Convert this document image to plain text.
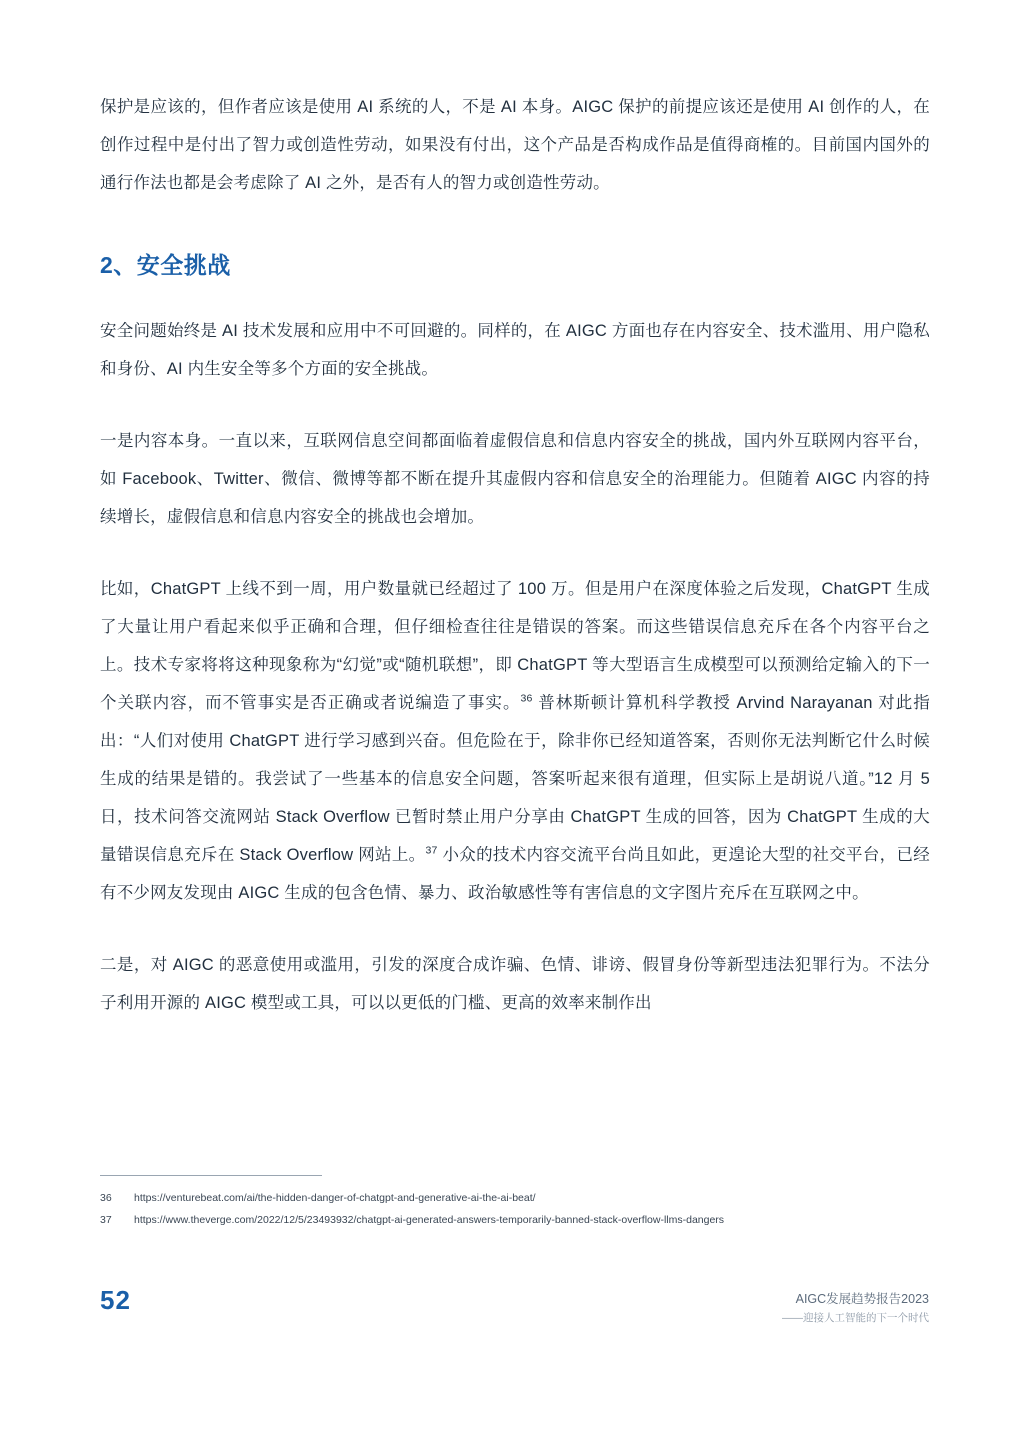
保护是应该的，但作者应该是使用 AI 系统的人，不是 AI 本身。AIGC 保护的前提应该还是使用 AI 创作的人，在创作过程中是付出了智力或创造性劳动，如果没有付出，这个产品是否构成作品是值得商榷的。目前国内国外的通行作法也都是会考虑除了 AI 之外，是否有人的智力或创造性劳动。

2、安全挑战

安全问题始终是 AI 技术发展和应用中不可回避的。同样的，在 AIGC 方面也存在内容安全、技术滥用、用户隐私和身份、AI 内生安全等多个方面的安全挑战。

一是内容本身。一直以来，互联网信息空间都面临着虚假信息和信息内容安全的挑战，国内外互联网内容平台，如 Facebook、Twitter、微信、微博等都不断在提升其虚假内容和信息安全的治理能力。但随着 AIGC 内容的持续增长，虚假信息和信息内容安全的挑战也会增加。

比如，ChatGPT 上线不到一周，用户数量就已经超过了 100 万。但是用户在深度体验之后发现，ChatGPT 生成了大量让用户看起来似乎正确和合理，但仔细检查往往是错误的答案。而这些错误信息充斥在各个内容平台之上。技术专家将将这种现象称为“幻觉”或“随机联想”，即 ChatGPT 等大型语言生成模型可以预测给定输入的下一个关联内容，而不管事实是否正确或者说编造了事实。$^{36}$ 普林斯顿计算机科学教授 Arvind Narayanan 对此指出：“人们对使用 ChatGPT 进行学习感到兴奋。但危险在于，除非你已经知道答案，否则你无法判断它什么时候生成的结果是错的。我尝试了一些基本的信息安全问题，答案听起来很有道理，但实际上是胡说八道。”12 月 5 日，技术问答交流网站 Stack Overflow 已暂时禁止用户分享由 ChatGPT 生成的回答，因为 ChatGPT 生成的大量错误信息充斥在 Stack Overflow 网站上。$^{37}$ 小众的技术内容交流平台尚且如此，更遑论大型的社交平台，已经有不少网友发现由 AIGC 生成的包含色情、暴力、政治敏感性等有害信息的文字图片充斥在互联网之中。

二是，对 AIGC 的恶意使用或滥用，引发的深度合成诈骗、色情、诽谤、假冒身份等新型违法犯罪行为。不法分子利用开源的 AIGC 模型或工具，可以以更低的门槛、更高的效率来制作出

36	https://venturebeat.com/ai/the-hidden-danger-of-chatgpt-and-generative-ai-the-ai-beat/
37	https://www.theverge.com/2022/12/5/23493932/chatgpt-ai-generated-answers-temporarily-banned-stack-overflow-llms-dangers
52	AIGC发展趋势报告2023
——迎接人工智能的下一个时代
